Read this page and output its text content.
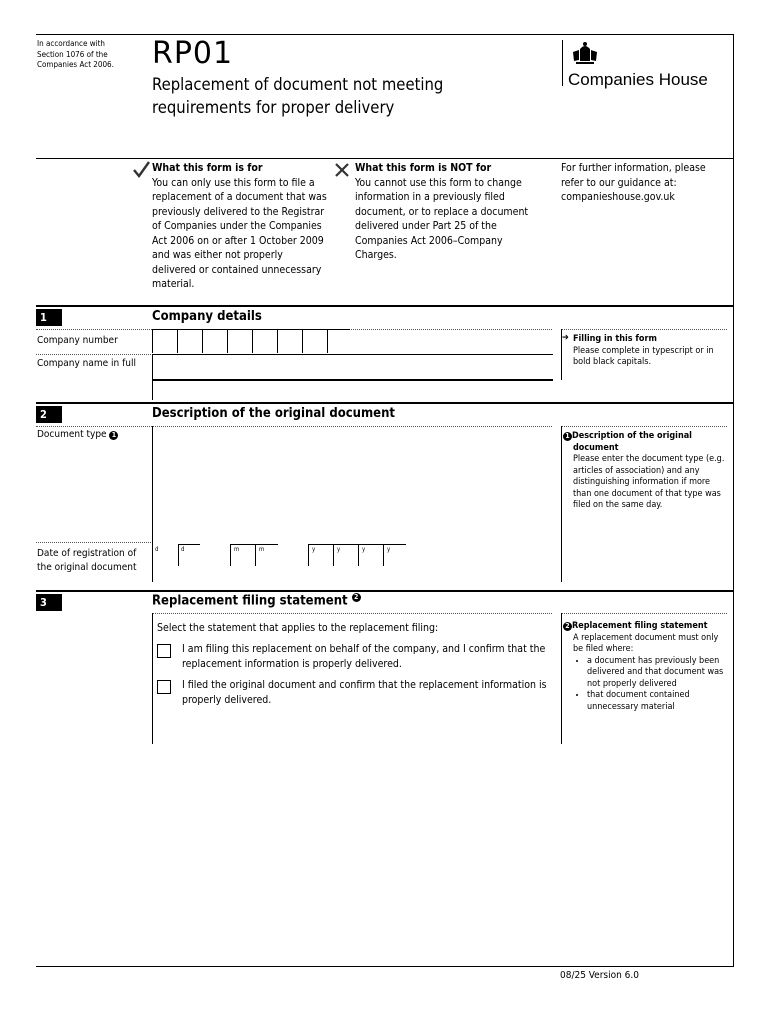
In accordance with Section 1076 of the Companies Act 2006.	RP01
Replacement of document not meeting
requirements for proper delivery
Companies House
What this form is for
You can only use this form to file a replacement of a document that was previously delivered to the Registrar of Companies under the Companies Act 2006 on or after 1 October 2009 and was either not properly delivered or contained unnecessary material.
What this form is NOT for
You cannot use this form to change information in a previously filed document, or to replace a document delivered under Part 25 of the Companies Act 2006–Company Charges.
For further information, please refer to our guidance at: companieshouse.gov.uk
1	Company details
Company number
Company name in full
➔ Filling in this form
Please complete in typescript or in bold black capitals.
2	Description of the original document
Document type 1
Date of registration of
the original document
d	d	m	m	y	y	y	y
1 Description of the original document
Please enter the document type (e.g. articles of association) and any distinguishing information if more than one document of that type was filed on the same day.
3	Replacement filing statement 2
Select the statement that applies to the replacement filing:
I am filing this replacement on behalf of the company, and I confirm that the replacement information is properly delivered.
I filed the original document and confirm that the replacement information is properly delivered.
2 Replacement filing statement
A replacement document must only be filed where:
• a document has previously been delivered and that document was not properly delivered
• that document contained unnecessary material
08/25 Version 6.0
